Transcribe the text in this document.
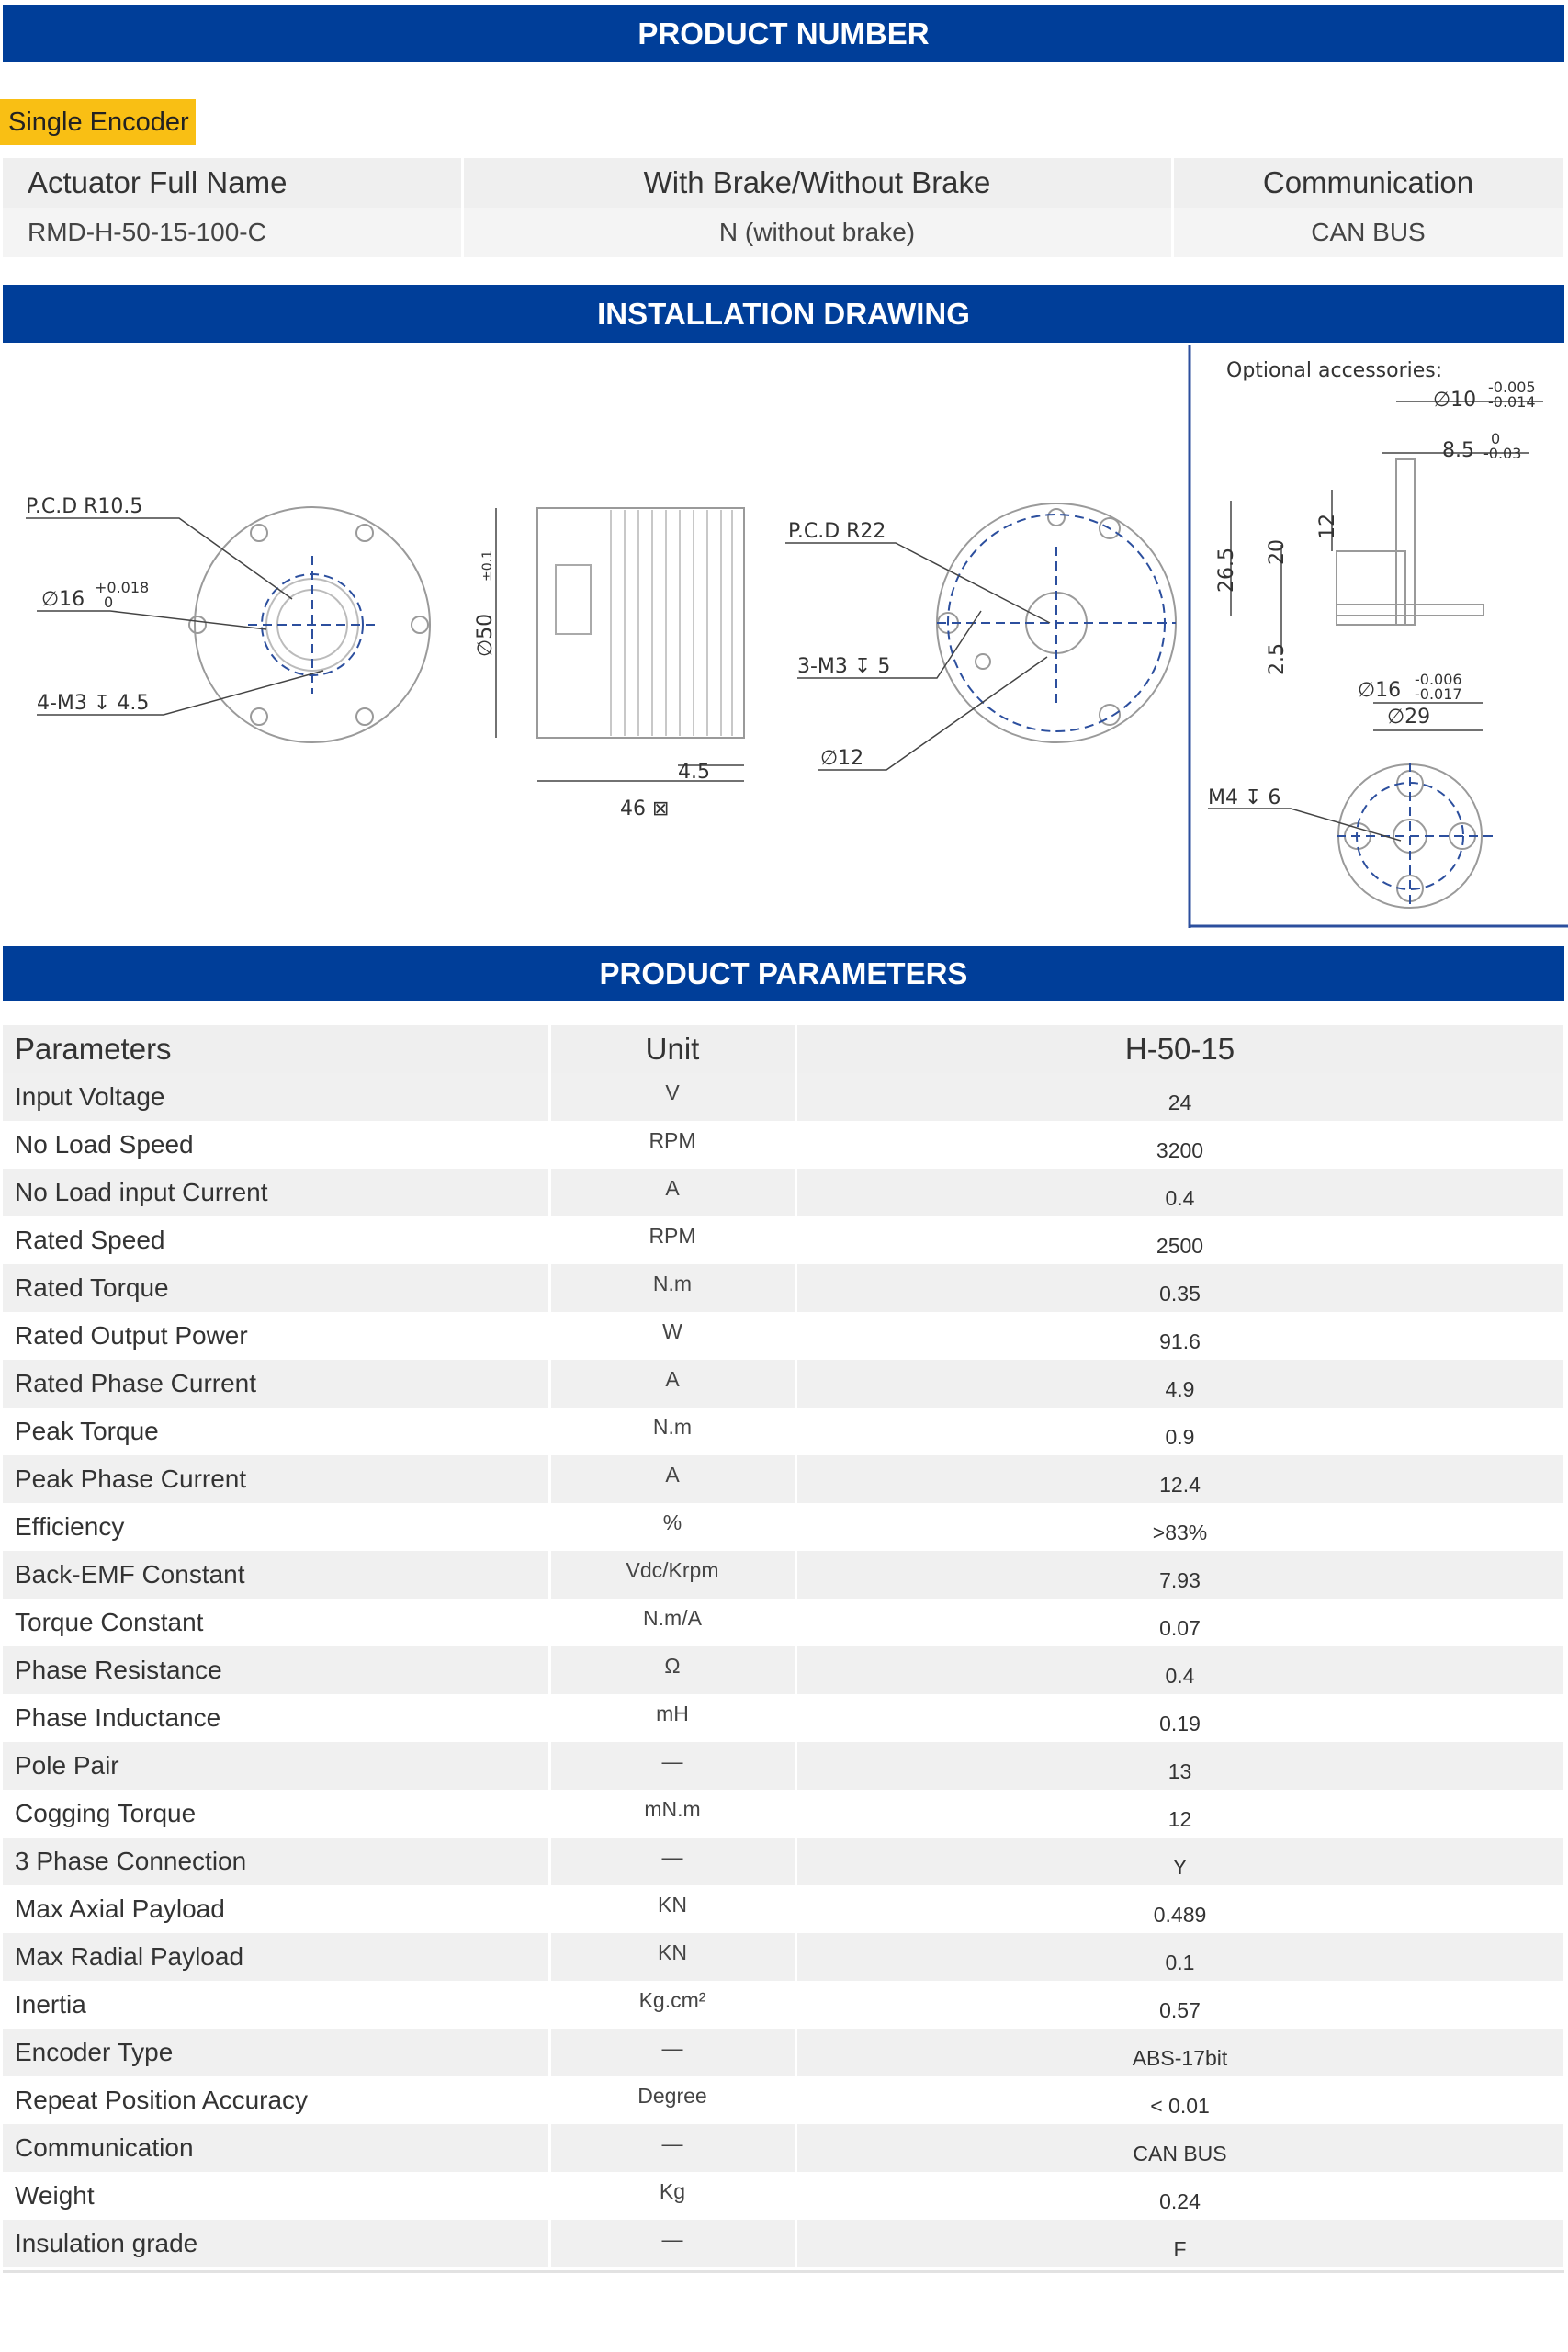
PRODUCT NUMBER
Single Encoder
Actuator Full Name	With Brake/Without Brake	Communication
RMD-H-50-15-100-C	N (without brake)	CAN BUS
INSTALLATION DRAWING
P.C.D R10.5
∅16
+0.018
0
4-M3 ↧ 4.5
∅50
±0.1
4.5
46 ⊠
P.C.D R22
3-M3 ↧ 5
∅12
Optional accessories:
∅10
-0.005
-0.014
8.5
0
-0.03
26.5 20
12
2.5
∅16 -0.006
-0.017
∅29
M4 ↧ 6
PRODUCT PARAMETERS
Parameters	Unit	H-50-15
Input Voltage	V	24
No Load Speed	RPM	3200
No Load input Current	A	0.4
Rated Speed	RPM	2500
Rated Torque	N.m	0.35
Rated Output Power	W	91.6
Rated Phase Current	A	4.9
Peak Torque	N.m	0.9
Peak Phase Current	A	12.4
Efficiency	%	>83%
Back-EMF Constant	Vdc/Krpm	7.93
Torque Constant	N.m/A	0.07
Phase Resistance	Ω	0.4
Phase Inductance	mH	0.19
Pole Pair	—	13
Cogging Torque	mN.m	12
3 Phase Connection	—	Y
Max Axial Payload	KN	0.489
Max Radial Payload	KN	0.1
Inertia	Kg.cm²	0.57
Encoder Type	—	ABS-17bit
Repeat Position Accuracy	Degree	< 0.01
Communication	—	CAN BUS
Weight	Kg	0.24
Insulation grade	—	F
